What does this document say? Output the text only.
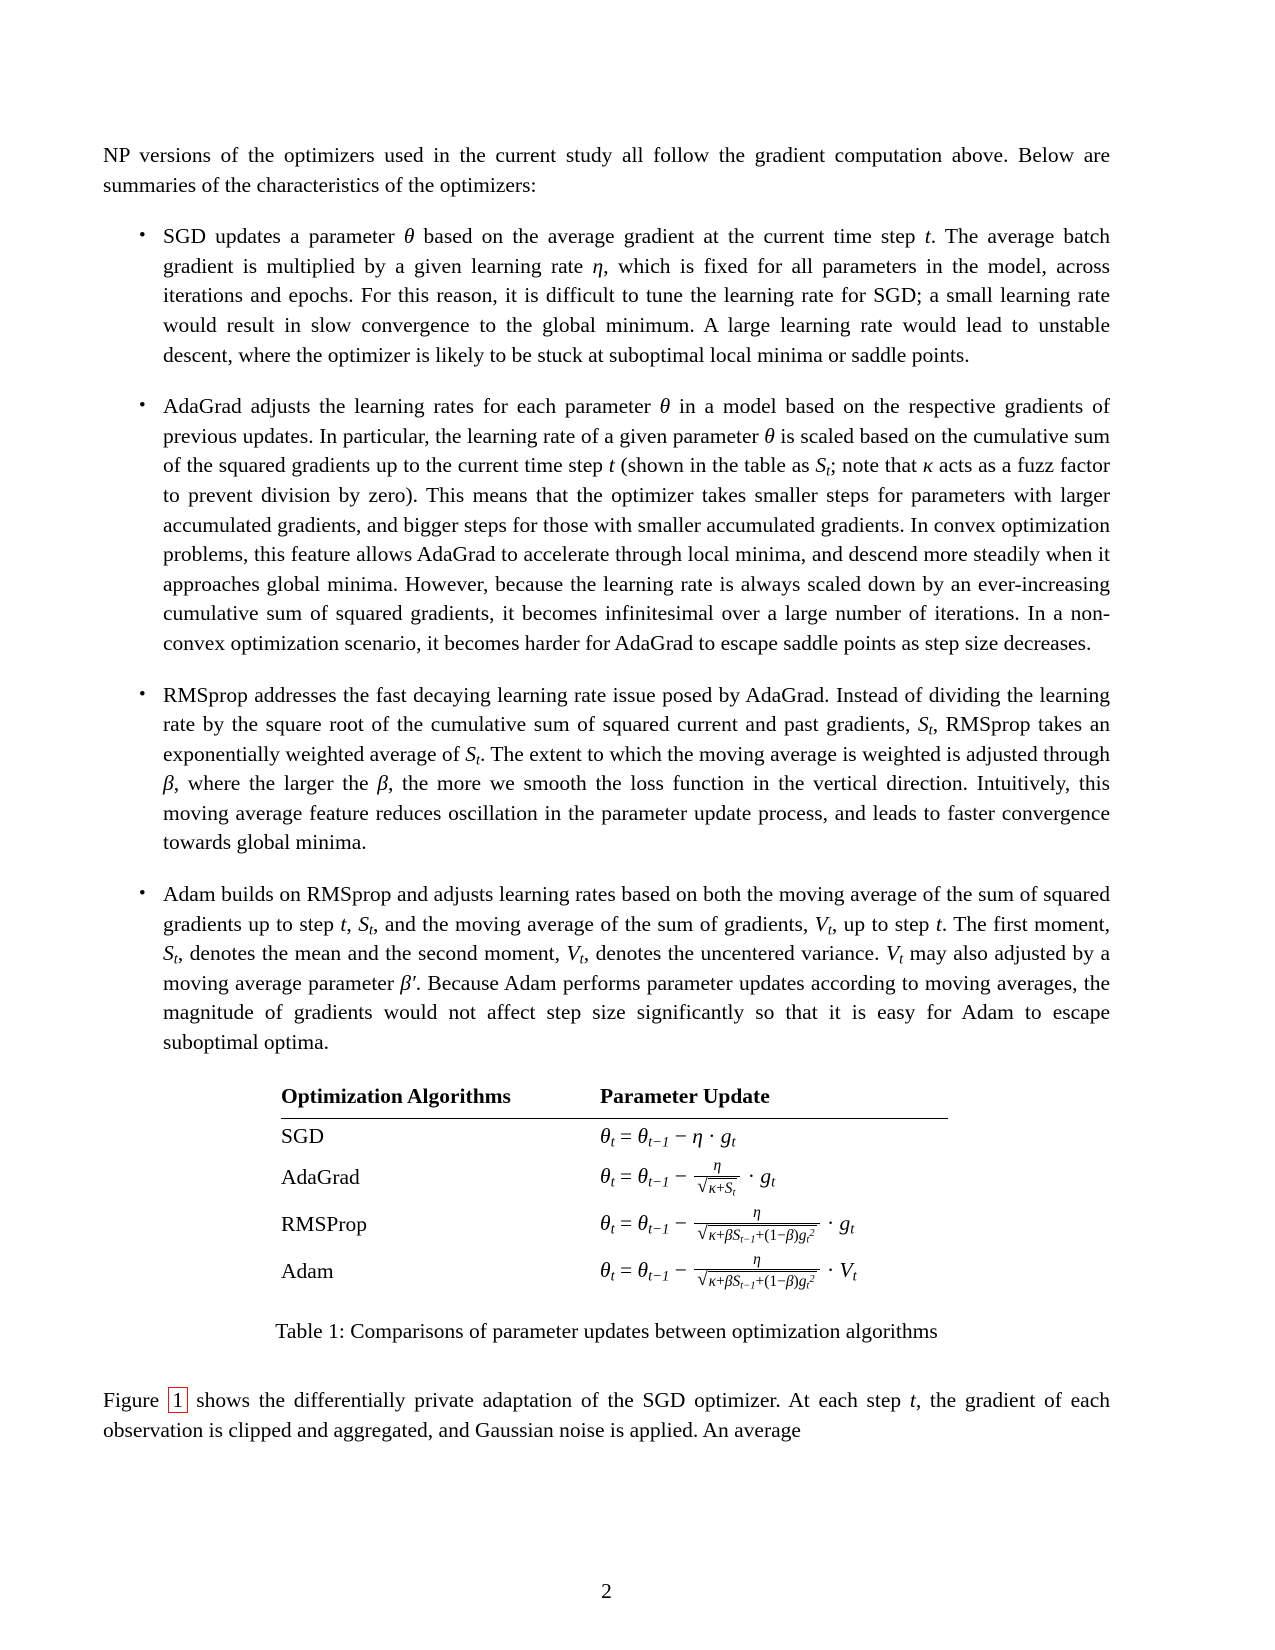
NP versions of the optimizers used in the current study all follow the gradient computation above. Below are summaries of the characteristics of the optimizers:

• SGD updates a parameter θ based on the average gradient at the current time step t. The average batch gradient is multiplied by a given learning rate η, which is fixed for all parameters in the model, across iterations and epochs. For this reason, it is difficult to tune the learning rate for SGD; a small learning rate would result in slow convergence to the global minimum. A large learning rate would lead to unstable descent, where the optimizer is likely to be stuck at suboptimal local minima or saddle points.
• AdaGrad adjusts the learning rates for each parameter θ in a model based on the respective gradients of previous updates. In particular, the learning rate of a given parameter θ is scaled based on the cumulative sum of the squared gradients up to the current time step t (shown in the table as $S_t$; note that κ acts as a fuzz factor to prevent division by zero). This means that the optimizer takes smaller steps for parameters with larger accumulated gradients, and bigger steps for those with smaller accumulated gradients. In convex optimization problems, this feature allows AdaGrad to accelerate through local minima, and descend more steadily when it approaches global minima. However, because the learning rate is always scaled down by an ever-increasing cumulative sum of squared gradients, it becomes infinitesimal over a large number of iterations. In a non-convex optimization scenario, it becomes harder for AdaGrad to escape saddle points as step size decreases.
• RMSprop addresses the fast decaying learning rate issue posed by AdaGrad. Instead of dividing the learning rate by the square root of the cumulative sum of squared current and past gradients, $S_t$, RMSprop takes an exponentially weighted average of $S_t$. The extent to which the moving average is weighted is adjusted through β, where the larger the β, the more we smooth the loss function in the vertical direction. Intuitively, this moving average feature reduces oscillation in the parameter update process, and leads to faster convergence towards global minima.
• Adam builds on RMSprop and adjusts learning rates based on both the moving average of the sum of squared gradients up to step t, $S_t$, and the moving average of the sum of gradients, $V_t$, up to step t. The first moment, $S_t$, denotes the mean and the second moment, $V_t$, denotes the uncentered variance. $V_t$ may also adjusted by a moving average parameter β′. Because Adam performs parameter updates according to moving averages, the magnitude of gradients would not affect step size significantly so that it is easy for Adam to escape suboptimal optima.
Optimization Algorithms	Parameter Update
SGD	$\theta_t = \theta_{t-1} - \eta \cdot g_t$
AdaGrad	$\theta_t = \theta_{t-1} - \frac{\eta}{√ \kappa+S_t} \cdot g_t$
RMSProp	$\theta_t = \theta_{t-1} - \frac{\eta}{√ \kappa+\beta S_{t-1}+(1-\beta)g_t^2} \cdot g_t$
Adam	$\theta_t = \theta_{t-1} - \frac{\eta}{√ \kappa+\beta S_{t-1}+(1-\beta)g_t^2} \cdot V_t$

Table 1: Comparisons of parameter updates between optimization algorithms

Figure 1 shows the differentially private adaptation of the SGD optimizer. At each step t, the gradient of each observation is clipped and aggregated, and Gaussian noise is applied. An average

2
